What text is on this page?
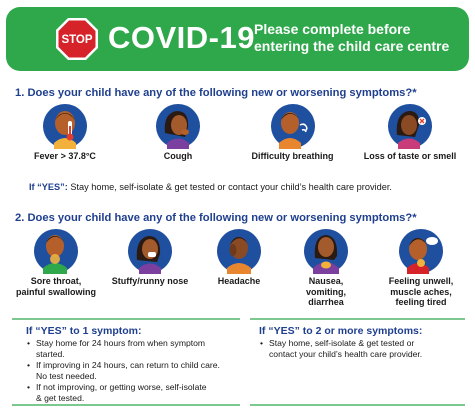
STOP COVID-19 Please complete before entering the child care centre
1. Does your child have any of the following new or worsening symptoms?*
Fever > 37.8°C	Cough	Difficulty breathing	Loss of taste or smell
If “YES”: Stay home, self-isolate & get tested or contact your child’s health care provider.
2. Does your child have any of the following new or worsening symptoms?*
Sore throat,
painful swallowing
Stuffy/runny nose	Headache	Nausea,
vomiting,
diarrhea
Feeling unwell,
muscle aches,
feeling tired
If “YES” to 1 symptom:
• Stay home for 24 hours from when symptom
started.
• If improving in 24 hours, can return to child care.
No test needed.
• If not improving, or getting worse, self-isolate
& get tested.
If “YES” to 2 or more symptoms:
• Stay home, self-isolate & get tested or
contact your child’s health care provider.
